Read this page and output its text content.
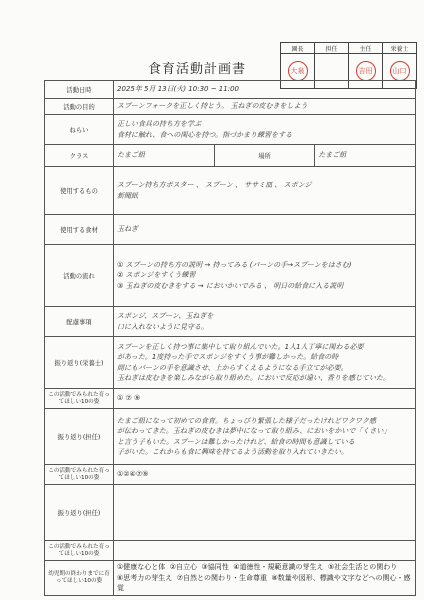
食育活動計画書
園長	担任	主任	栄養士
大泉		吉田	山口
活動日時	2025年 5月 13日(火) 10:30 ~ 11:00		
活動の目的	スプーンフォークを正しく持とう。 玉ねぎの皮むきをしよう		
ねらい	正しい食具の持ち方を学ぶ
食材に触れ、食への関心を持つ。指づかまり練習をする		

クラス	たまご組	場所	たまご組
使用するもの	スプーン持ち方ポスター 、 スプーン 、 ササミ皿 、 スポンジ
新聞紙		

使用する食材	玉ねぎ		
活動の流れ	① スプーンの持ち方の説明 → 持ってみる (パーンの手→スプーンをはさむ)
② スポンジをすくう練習
③ 玉ねぎの皮むきをする → においかいでみる 、 明日の給食に入る説明		

配慮事項	スポンジ、スプーン、玉ねぎを
口に入れないように見守る。		

振り返り(栄養士)	スプーンを正しく持つ事に集中して取り組んでいた。1人1人丁寧に関わる必要
があった。1度持った手でスポンジをすくう事が難しかった。給食の時
間にもパーンの手を意識させ、上からすくえるようになる手立てが必要。
玉ねぎは皮むきを楽しみながら取り組めた。においで反応が違い、香りを感じていた。		

この活動でみられた育ってほしい10の姿	① ⑦ ⑨		
振り返り(担任)	たまご組になって初めての食育。ちょっぴり緊張した様子だったけれどワクワク感
が伝わってきた。玉ねぎの皮むきは夢中になって取り組み、においをかいで「くさい」
と言う子もいた。スプーンは難しかったけれど、給食の時間も意識している
子がいた。これからも食に興味を持てるよう活動を取り入れていきたい。		

この活動でみられた育ってほしい10の姿	①②④⑦⑨		
振り返り(担任)			
この活動でみられた育ってほしい10の姿			
幼児期の終わりまでに育ってほしい10の姿	①健康な心と体 ②自立心 ③協同性 ④道徳性・規範意識の芽生え ⑤社会生活との関わり
⑥思考力の芽生え ⑦自然との関わり・生命尊重 ⑧数量や図形、標識や文字などへの関心・感覚		
